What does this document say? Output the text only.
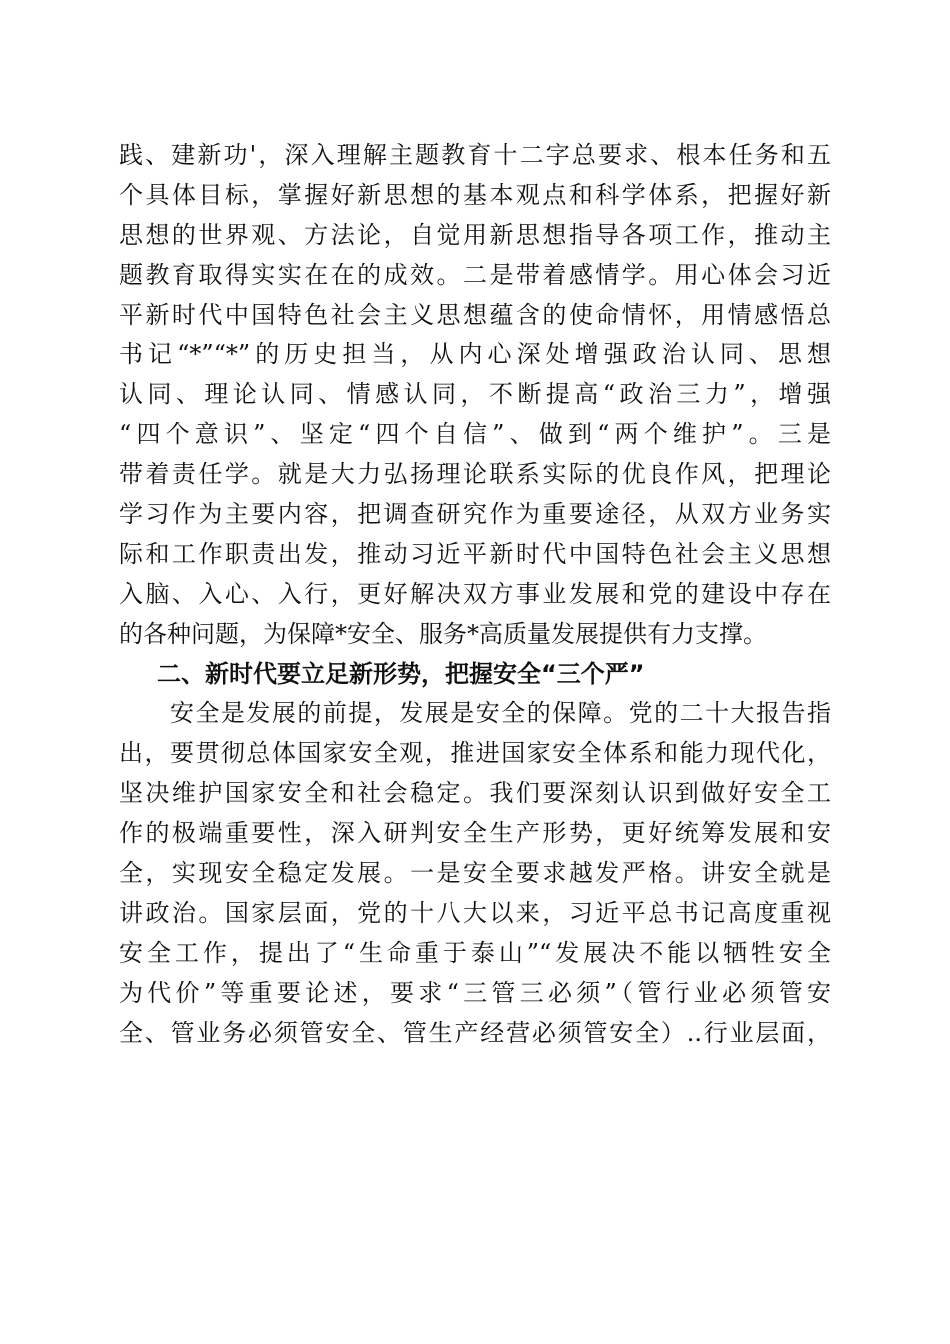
践、建新功'，深入理解主题教育十二字总要求、根本任务和五
个具体目标，掌握好新思想的基本观点和科学体系，把握好新
思想的世界观、方法论，自觉用新思想指导各项工作，推动主
题教育取得实实在在的成效。二是带着感情学。用心体会习近
平新时代中国特色社会主义思想蕴含的使命情怀，用情感悟总
书记“*”“*”的历史担当，从内心深处增强政治认同、思想
认同、理论认同、情感认同，不断提高“政治三力”，增强
“四个意识”、坚定“四个自信”、做到“两个维护”。三是
带着责任学。就是大力弘扬理论联系实际的优良作风，把理论
学习作为主要内容，把调查研究作为重要途径，从双方业务实
际和工作职责出发，推动习近平新时代中国特色社会主义思想
入脑、入心、入行，更好解决双方事业发展和党的建设中存在
的各种问题，为保障*安全、服务*高质量发展提供有力支撑。
二、新时代要立足新形势，把握安全“三个严”
　　安全是发展的前提，发展是安全的保障。党的二十大报告指
出，要贯彻总体国家安全观，推进国家安全体系和能力现代化，
坚决维护国家安全和社会稳定。我们要深刻认识到做好安全工
作的极端重要性，深入研判安全生产形势，更好统筹发展和安
全，实现安全稳定发展。一是安全要求越发严格。讲安全就是
讲政治。国家层面，党的十八大以来，习近平总书记高度重视
安全工作，提出了“生命重于泰山”“发展决不能以牺牲安全
为代价”等重要论述，要求“三管三必须”（管行业必须管安
全、管业务必须管安全、管生产经营必须管安全）..行业层面，
